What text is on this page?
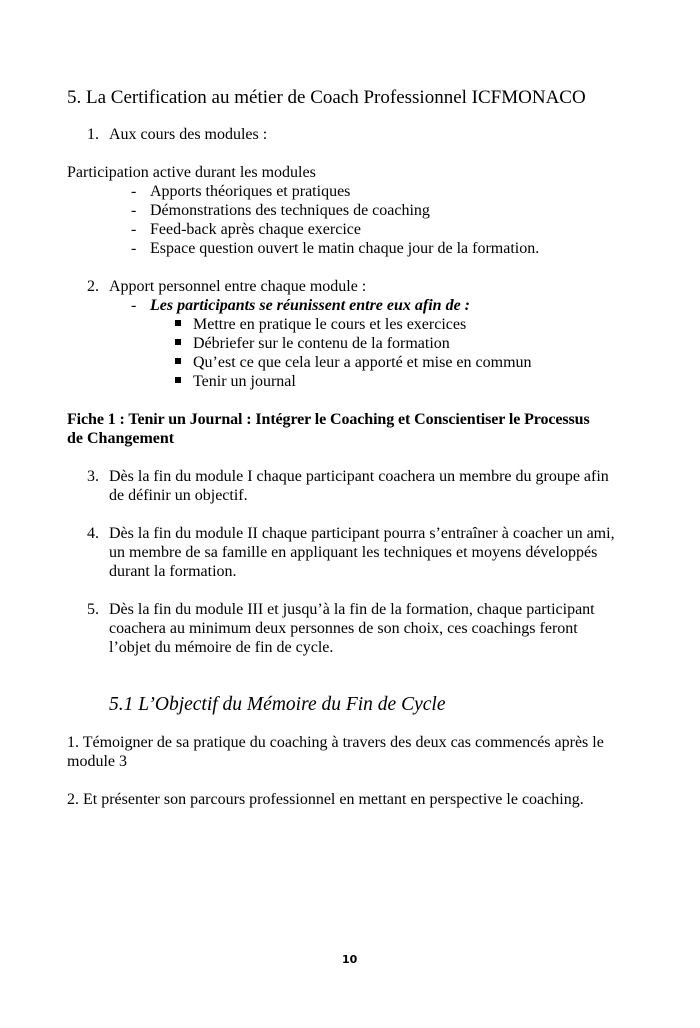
5. La Certification au métier de Coach Professionnel ICFMONACO
1. Aux cours des modules :
Participation active durant les modules
- Apports théoriques et pratiques
- Démonstrations des techniques de coaching
- Feed-back après chaque exercice
- Espace question ouvert le matin chaque jour de la formation.
2. Apport personnel entre chaque module :
- Les participants se réunissent entre eux afin de :
Mettre en pratique le cours et les exercices
Débriefer sur le contenu de la formation
Qu’est ce que cela leur a apporté et mise en commun
Tenir un journal
Fiche 1 : Tenir un Journal : Intégrer le Coaching et Conscientiser le Processus
de Changement
3. Dès la fin du module I chaque participant coachera un membre du groupe afin
de définir un objectif.
4. Dès la fin du module II chaque participant pourra s’entraîner à coacher un ami,
un membre de sa famille en appliquant les techniques et moyens développés
durant la formation.
5. Dès la fin du module III et jusqu’à la fin de la formation, chaque participant
coachera au minimum deux personnes de son choix, ces coachings feront
l’objet du mémoire de fin de cycle.
5.1 L’Objectif du Mémoire du Fin de Cycle
1. Témoigner de sa pratique du coaching à travers des deux cas commencés après le
module 3
2. Et présenter son parcours professionnel en mettant en perspective le coaching.
10
